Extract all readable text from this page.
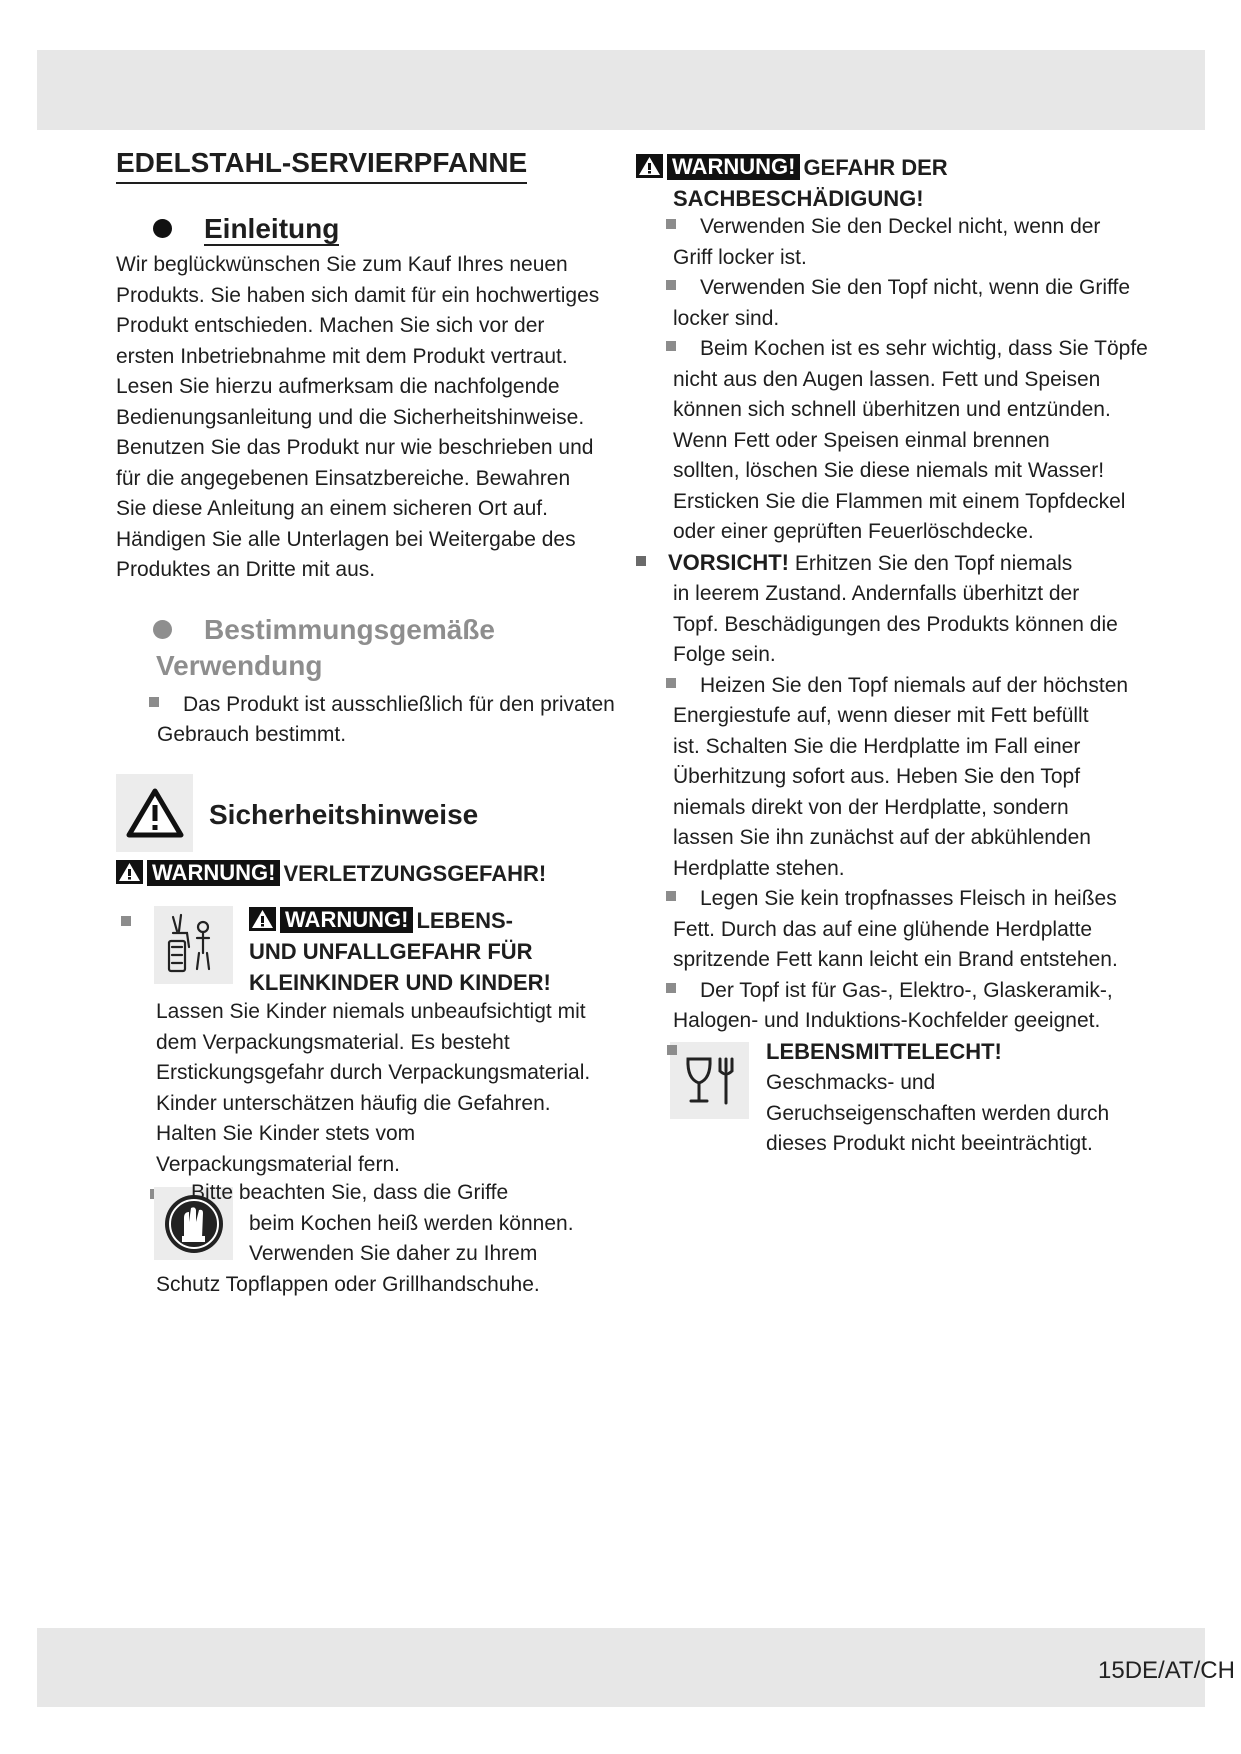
15DE/AT/CH
EDELSTAHL-SERVIERPFANNE
Einleitung

Wir beglückwünschen Sie zum Kauf Ihres neuen

Produkts. Sie haben sich damit für ein hochwertiges

Produkt entschieden. Machen Sie sich vor der

ersten Inbetriebnahme mit dem Produkt vertraut.

Lesen Sie hierzu aufmerksam die nachfolgende

Bedienungsanleitung und die Sicherheitshinweise.

Benutzen Sie das Produkt nur wie beschrieben und

für die angegebenen Einsatzbereiche. Bewahren

Sie diese Anleitung an einem sicheren Ort auf.

Händigen Sie alle Unterlagen bei Weitergabe des

Produktes an Dritte mit aus.

Bestimmungsgemäße
Verwendung

Das Produkt ist ausschließlich für den privaten

Gebrauch bestimmt.

Sicherheitshinweise
WARNUNG! VERLETZUNGSGEFAHR!
WARNUNG! LEBENS-
UND UNFALLGEFAHR FÜR
KLEINKINDER UND KINDER!

Lassen Sie Kinder niemals unbeaufsichtigt mit

dem Verpackungsmaterial. Es besteht

Erstickungsgefahr durch Verpackungsmaterial.

Kinder unterschätzen häufig die Gefahren.

Halten Sie Kinder stets vom

Verpackungsmaterial fern.

Bitte beachten Sie, dass die Griffe
beim Kochen heiß werden können.
Verwenden Sie daher zu Ihrem
Schutz Topflappen oder Grillhandschuhe.
WARNUNG! GEFAHR DER
SACHBESCHÄDIGUNG!

Verwenden Sie den Deckel nicht, wenn der

Griff locker ist.

Verwenden Sie den Topf nicht, wenn die Griffe

locker sind.

Beim Kochen ist es sehr wichtig, dass Sie Töpfe

nicht aus den Augen lassen. Fett und Speisen

können sich schnell überhitzen und entzünden.

Wenn Fett oder Speisen einmal brennen

sollten, löschen Sie diese niemals mit Wasser!

Ersticken Sie die Flammen mit einem Topfdeckel

oder einer geprüften Feuerlöschdecke.

VORSICHT! Erhitzen Sie den Topf niemals

in leerem Zustand. Andernfalls überhitzt der

Topf. Beschädigungen des Produkts können die

Folge sein.

Heizen Sie den Topf niemals auf der höchsten

Energiestufe auf, wenn dieser mit Fett befüllt

ist. Schalten Sie die Herdplatte im Fall einer

Überhitzung sofort aus. Heben Sie den Topf

niemals direkt von der Herdplatte, sondern

lassen Sie ihn zunächst auf der abkühlenden

Herdplatte stehen.

Legen Sie kein tropfnasses Fleisch in heißes

Fett. Durch das auf eine glühende Herdplatte

spritzende Fett kann leicht ein Brand entstehen.

Der Topf ist für Gas-, Elektro-, Glaskeramik-,

Halogen- und Induktions-Kochfelder geeignet.

LEBENSMITTELECHT!

Geschmacks- und

Geruchseigenschaften werden durch

dieses Produkt nicht beeinträchtigt.
